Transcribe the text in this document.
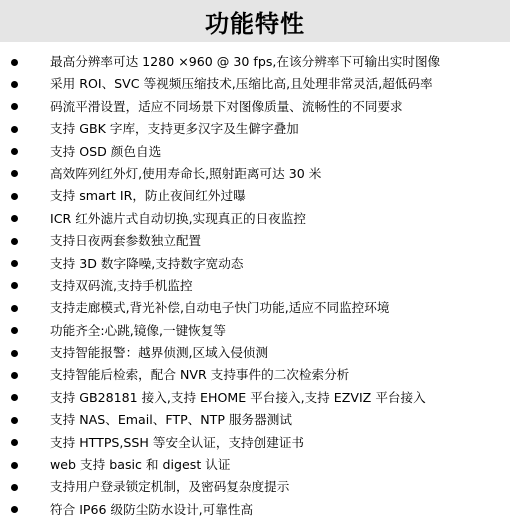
功能特性
最高分辨率可达 1280 ×960 @ 30 fps,在该分辨率下可输出实时图像
采用 ROI、SVC 等视频压缩技术,压缩比高,且处理非常灵活,超低码率
码流平滑设置，适应不同场景下对图像质量、流畅性的不同要求
支持 GBK 字库，支持更多汉字及生僻字叠加
支持 OSD 颜色自选
高效阵列红外灯,使用寿命长,照射距离可达 30 米
支持 smart IR，防止夜间红外过曝
ICR 红外滤片式自动切换,实现真正的日夜监控
支持日夜两套参数独立配置
支持 3D 数字降噪,支持数字宽动态
支持双码流,支持手机监控
支持走廊模式,背光补偿,自动电子快门功能,适应不同监控环境
功能齐全:心跳,镜像,一键恢复等
支持智能报警：越界侦测,区域入侵侦测
支持智能后检索，配合 NVR 支持事件的二次检索分析
支持 GB28181 接入,支持 EHOME 平台接入,支持 EZVIZ 平台接入
支持 NAS、Email、FTP、NTP 服务器测试
支持 HTTPS,SSH 等安全认证，支持创建证书
web 支持 basic 和 digest 认证
支持用户登录锁定机制，及密码复杂度提示
符合 IP66 级防尘防水设计,可靠性高
